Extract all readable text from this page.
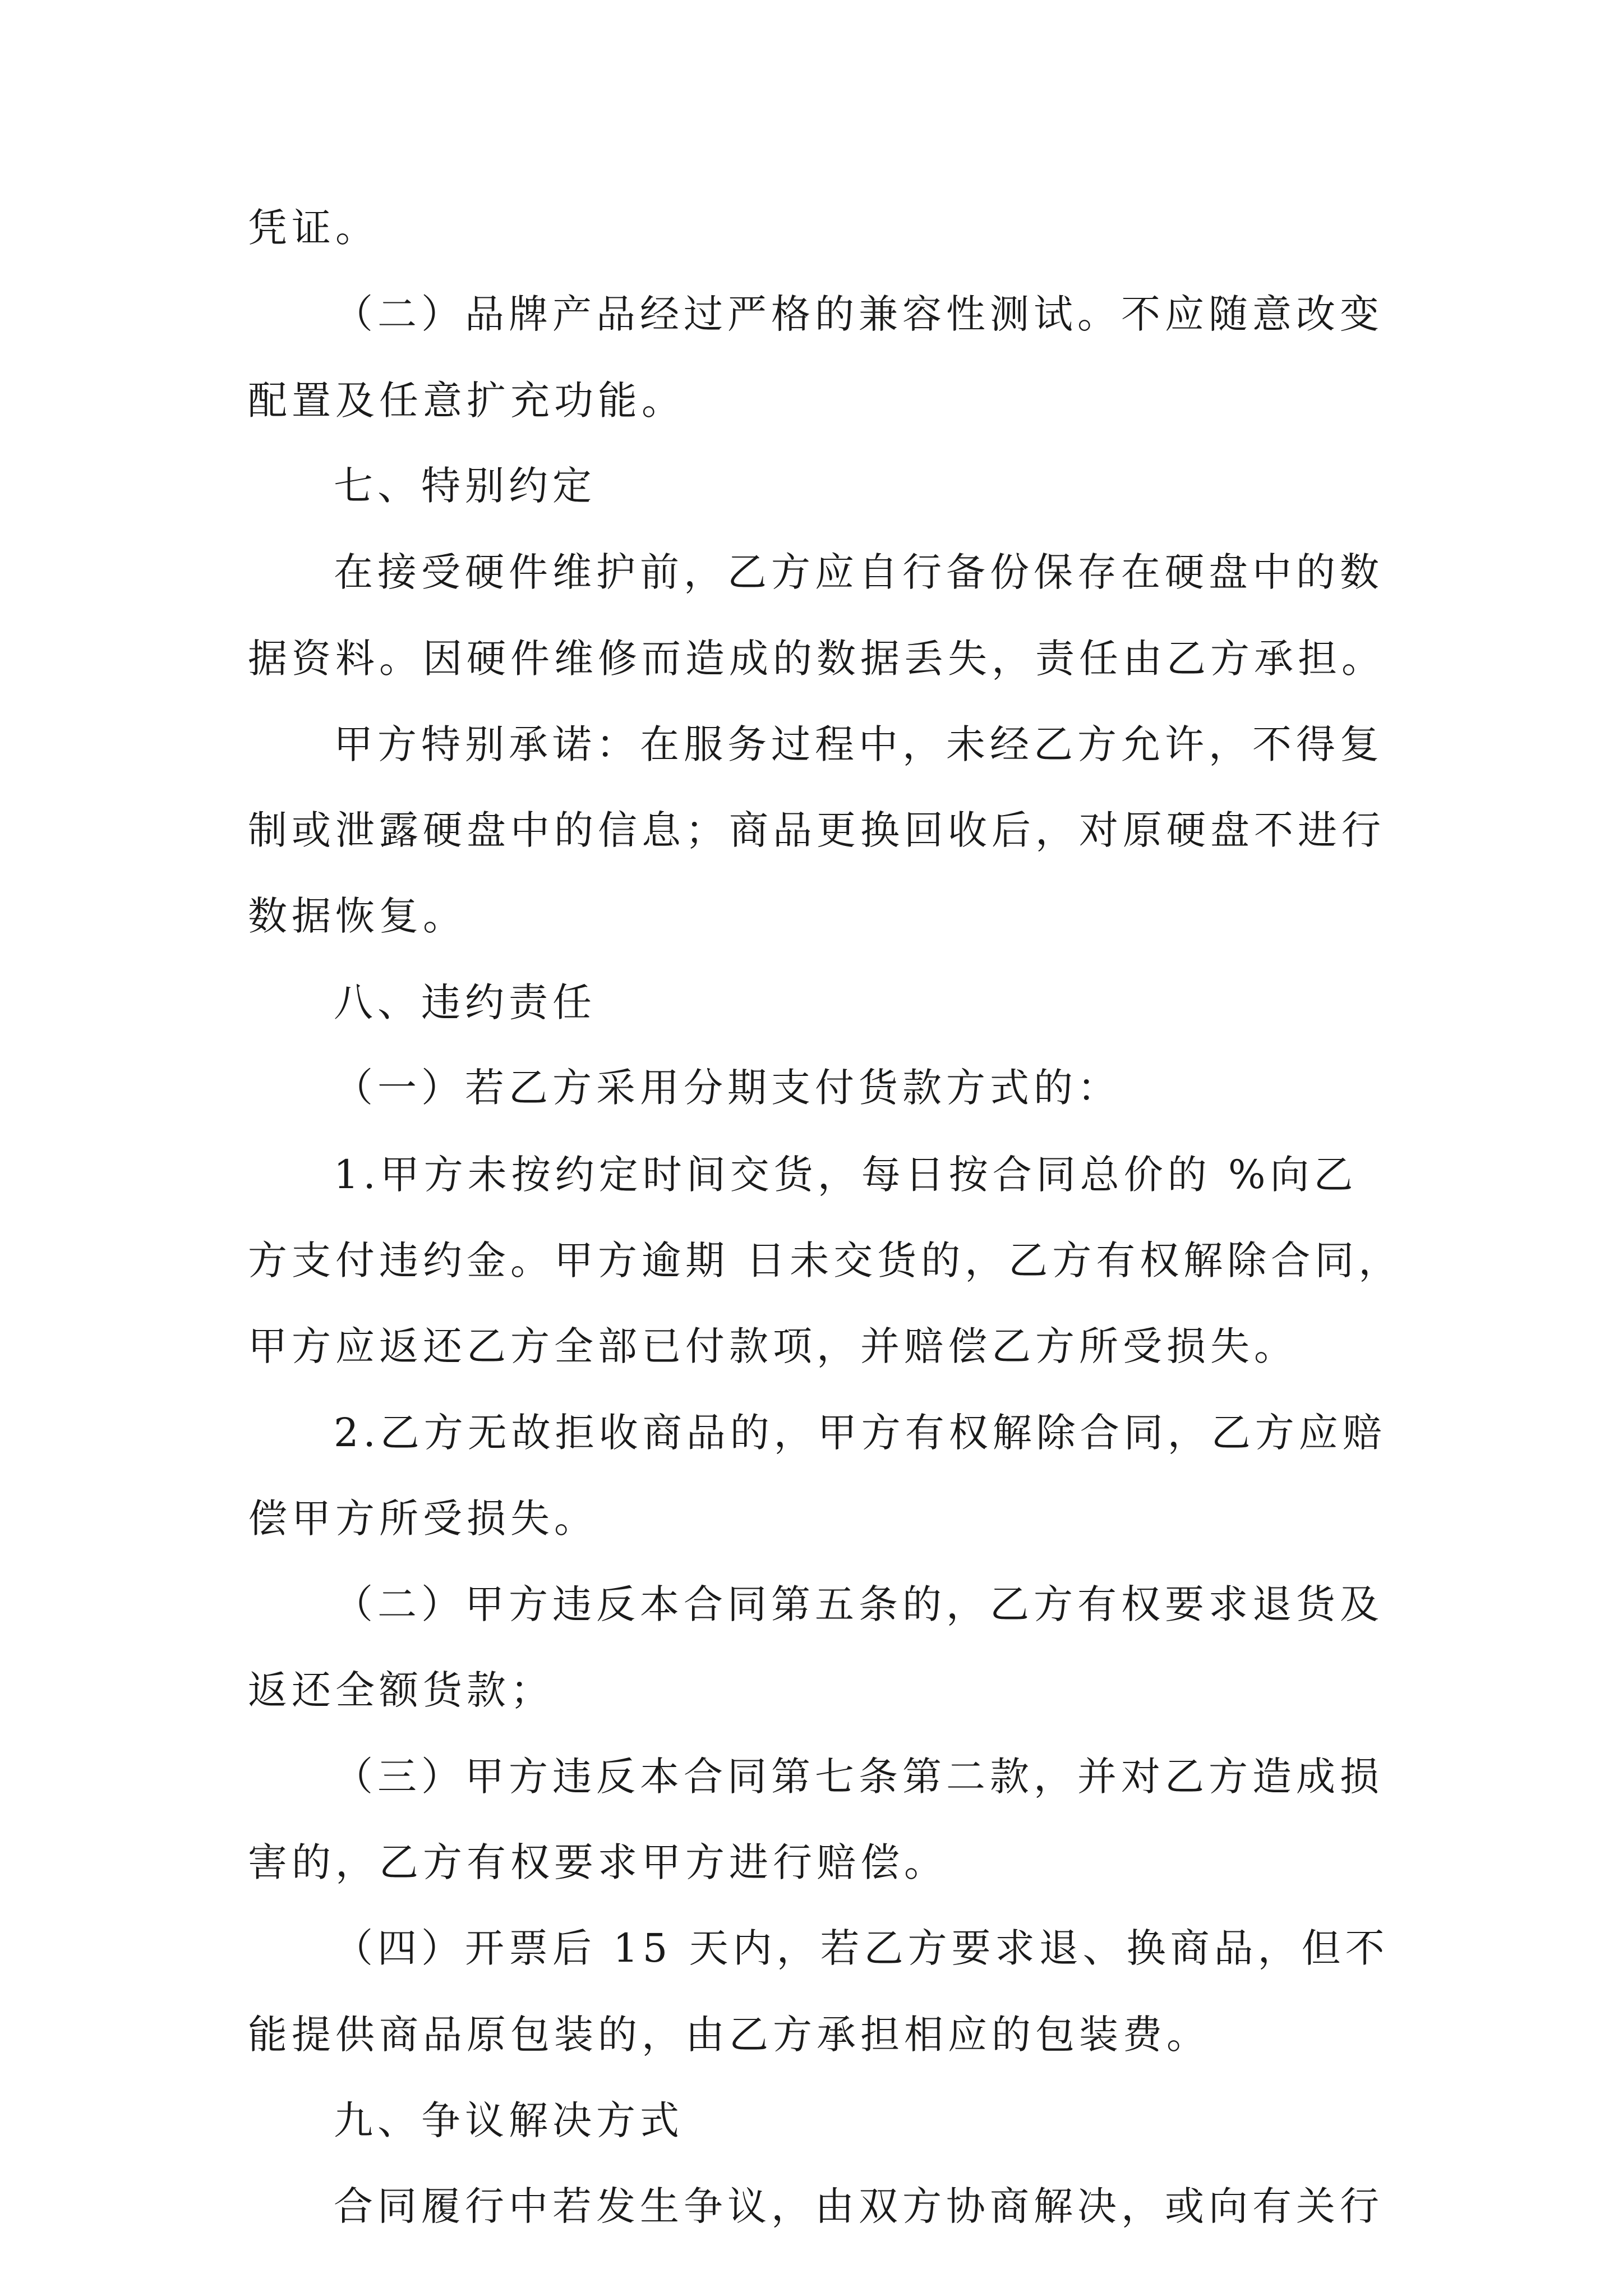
凭证。
（二）品牌产品经过严格的兼容性测试。不应随意改变
配置及任意扩充功能。
七、特别约定
在接受硬件维护前，乙方应自行备份保存在硬盘中的数
据资料。因硬件维修而造成的数据丢失，责任由乙方承担。
甲方特别承诺：在服务过程中，未经乙方允许，不得复
制或泄露硬盘中的信息；商品更换回收后，对原硬盘不进行
数据恢复。
八、违约责任
（一）若乙方采用分期支付货款方式的：
1.甲方未按约定时间交货，每日按合同总价的 %向乙
方支付违约金。甲方逾期 日未交货的，乙方有权解除合同，
甲方应返还乙方全部已付款项，并赔偿乙方所受损失。
2.乙方无故拒收商品的，甲方有权解除合同，乙方应赔
偿甲方所受损失。
（二）甲方违反本合同第五条的，乙方有权要求退货及
返还全额货款；
（三）甲方违反本合同第七条第二款，并对乙方造成损
害的，乙方有权要求甲方进行赔偿。
（四）开票后 15 天内，若乙方要求退、换商品，但不
能提供商品原包装的，由乙方承担相应的包装费。
九、争议解决方式
合同履行中若发生争议，由双方协商解决，或向有关行
